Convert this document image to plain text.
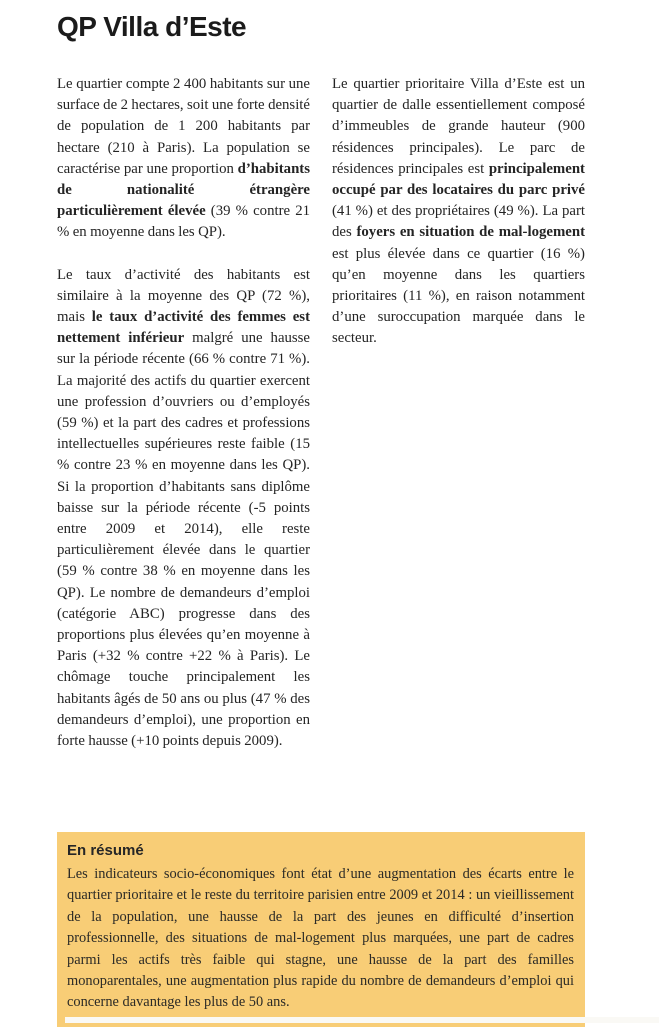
QP Villa d’Este

Le quartier compte 2 400 habitants sur une surface de 2 hectares, soit une forte densité de population de 1 200 habitants par hectare (210 à Paris). La population se caractérise par une proportion d’habitants de nationalité étrangère particulièrement élevée (39 % contre 21 % en moyenne dans les QP).

Le taux d’activité des habitants est similaire à la moyenne des QP (72 %), mais le taux d’activité des femmes est nettement inférieur malgré une hausse sur la période récente (66 % contre 71 %). La majorité des actifs du quartier exercent une profession d’ouvriers ou d’employés (59 %) et la part des cadres et professions intellectuelles supérieures reste faible (15 % contre 23 % en moyenne dans les QP). Si la proportion d’habitants sans diplôme baisse sur la période récente (-5 points entre 2009 et 2014), elle reste particulièrement élevée dans le quartier (59 % contre 38 % en moyenne dans les QP). Le nombre de demandeurs d’emploi (catégorie ABC) progresse dans des proportions plus élevées qu’en moyenne à Paris (+32 % contre +22 % à Paris). Le chômage touche principalement les habitants âgés de 50 ans ou plus (47 % des demandeurs d’emploi), une proportion en forte hausse (+10 points depuis 2009).

Le quartier prioritaire Villa d’Este est un quartier de dalle essentiellement composé d’immeubles de grande hauteur (900 résidences principales). Le parc de résidences principales est principalement occupé par des locataires du parc privé (41 %) et des propriétaires (49 %). La part des foyers en situation de mal-logement est plus élevée dans ce quartier (16 %) qu’en moyenne dans les quartiers prioritaires (11 %), en raison notamment d’une suroccupation marquée dans le secteur.

En résumé

Les indicateurs socio-économiques font état d’une augmentation des écarts entre le quartier prioritaire et le reste du territoire parisien entre 2009 et 2014 : un vieillissement de la population, une hausse de la part des jeunes en difficulté d’insertion professionnelle, des situations de mal-logement plus marquées, une part de cadres parmi les actifs très faible qui stagne, une hausse de la part des familles monoparentales, une augmentation plus rapide du nombre de demandeurs d’emploi qui concerne davantage les plus de 50 ans.
